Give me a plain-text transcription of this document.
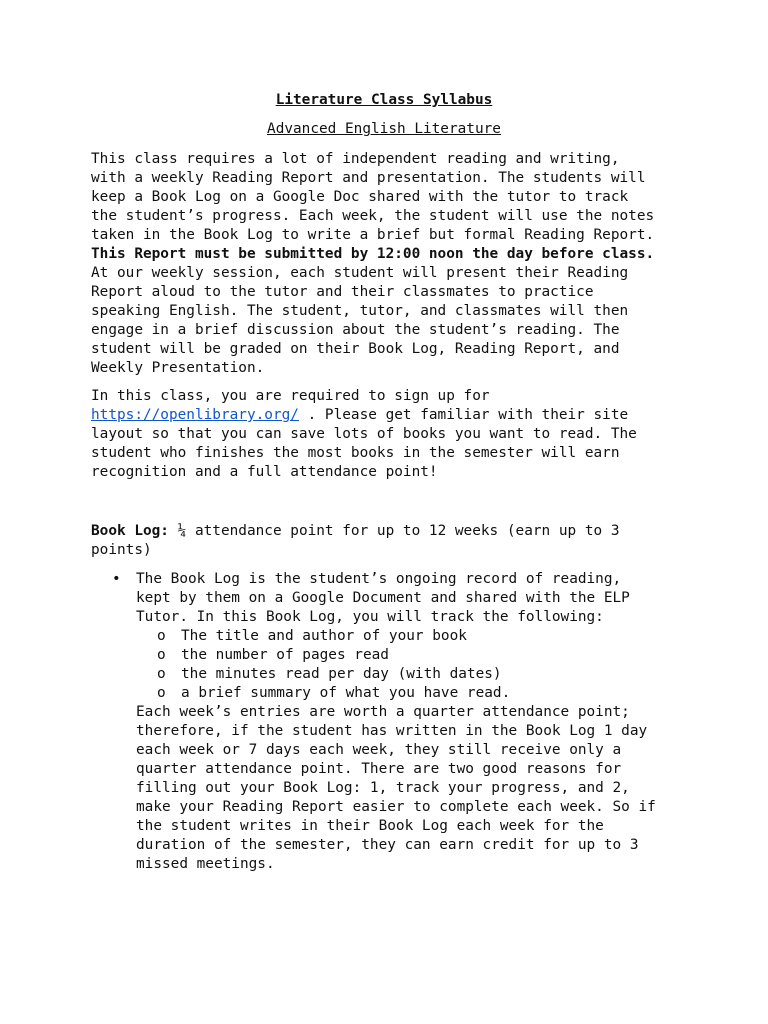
Literature Class Syllabus

Advanced English Literature

This class requires a lot of independent reading and writing,
with a weekly Reading Report and presentation. The students will
keep a Book Log on a Google Doc shared with the tutor to track
the student’s progress. Each week, the student will use the notes
taken in the Book Log to write a brief but formal Reading Report.
This Report must be submitted by 12:00 noon the day before class.
At our weekly session, each student will present their Reading
Report aloud to the tutor and their classmates to practice
speaking English. The student, tutor, and classmates will then
engage in a brief discussion about the student’s reading. The
student will be graded on their Book Log, Reading Report, and
Weekly Presentation.
In this class, you are required to sign up for
https://openlibrary.org/ . Please get familiar with their site
layout so that you can save lots of books you want to read. The
student who finishes the most books in the semester will earn
recognition and a full attendance point!
Book Log: ¼ attendance point for up to 12 weeks (earn up to 3
points)
• The Book Log is the student’s ongoing record of reading,
kept by them on a Google Document and shared with the ELP
Tutor. In this Book Log, you will track the following:
o The title and author of your book
o the number of pages read
o the minutes read per day (with dates)
o a brief summary of what you have read.
Each week’s entries are worth a quarter attendance point;
therefore, if the student has written in the Book Log 1 day
each week or 7 days each week, they still receive only a
quarter attendance point. There are two good reasons for
filling out your Book Log: 1, track your progress, and 2,
make your Reading Report easier to complete each week. So if
the student writes in their Book Log each week for the
duration of the semester, they can earn credit for up to 3
missed meetings.
